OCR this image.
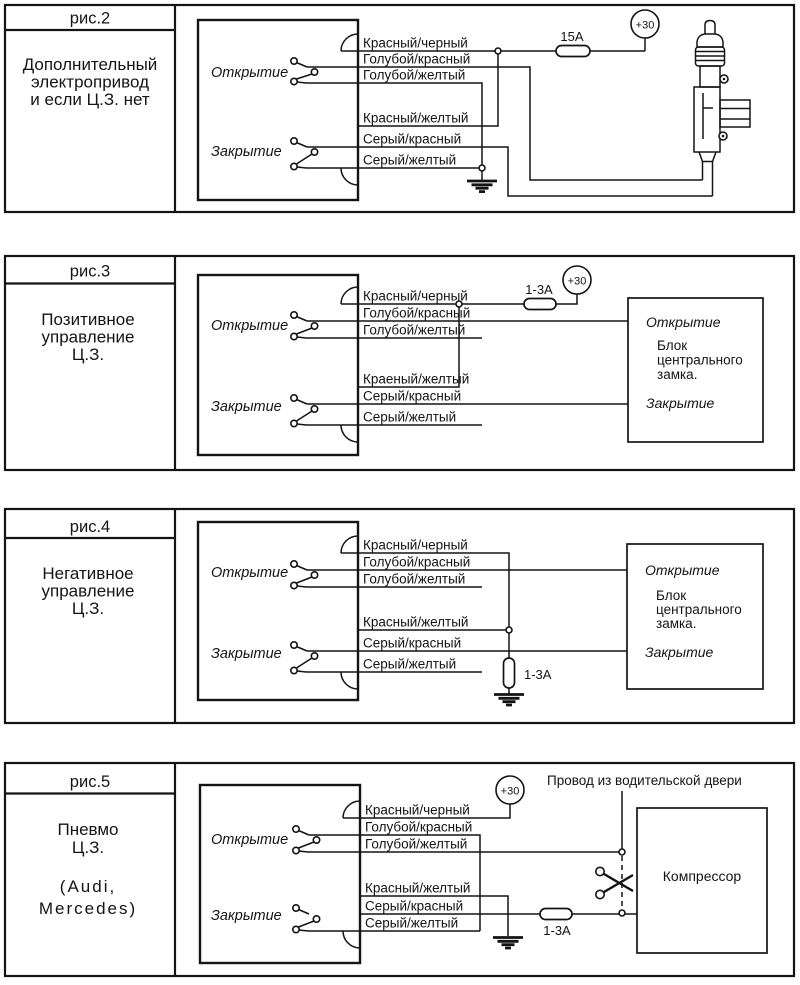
рис.2
Дополнительный
электропривод
и если Ц.З. нет
Открытие
Закрытие
Красный/черный
Голубой/красный
Голубой/желтый
Красный/желтый
Серый/красный
Серый/желтый
15A
+30
рис.3
Позитивное
управление
Ц.З.
Открытие
Закрытие
Красный/черный
Голубой/красный
Голубой/желтый
Краеный/желтый
Серый/красный
Серый/желтый
1-3А
+30
Открытие
Блок
центрального
замка.
Закрытие
рис.4
Негативное
управление
Ц.З.
Открытие
Закрытие
Красный/черный
Голубой/красный
Голубой/желтый
Красный/желтый
Серый/красный
Серый/желтый
1-3А
Открытие
Блок
центрального
замка.
Закрытие
рис.5
Пневмо
Ц.З.
(Audi,
Mercedes)
Открытие
Закрытие
Красный/черный
Голубой/красный
Голубой/желтый
Красный/желтый
Серый/красный
Серый/желтый
+30
Провод из водительской двери
1-3А
Компрессор
